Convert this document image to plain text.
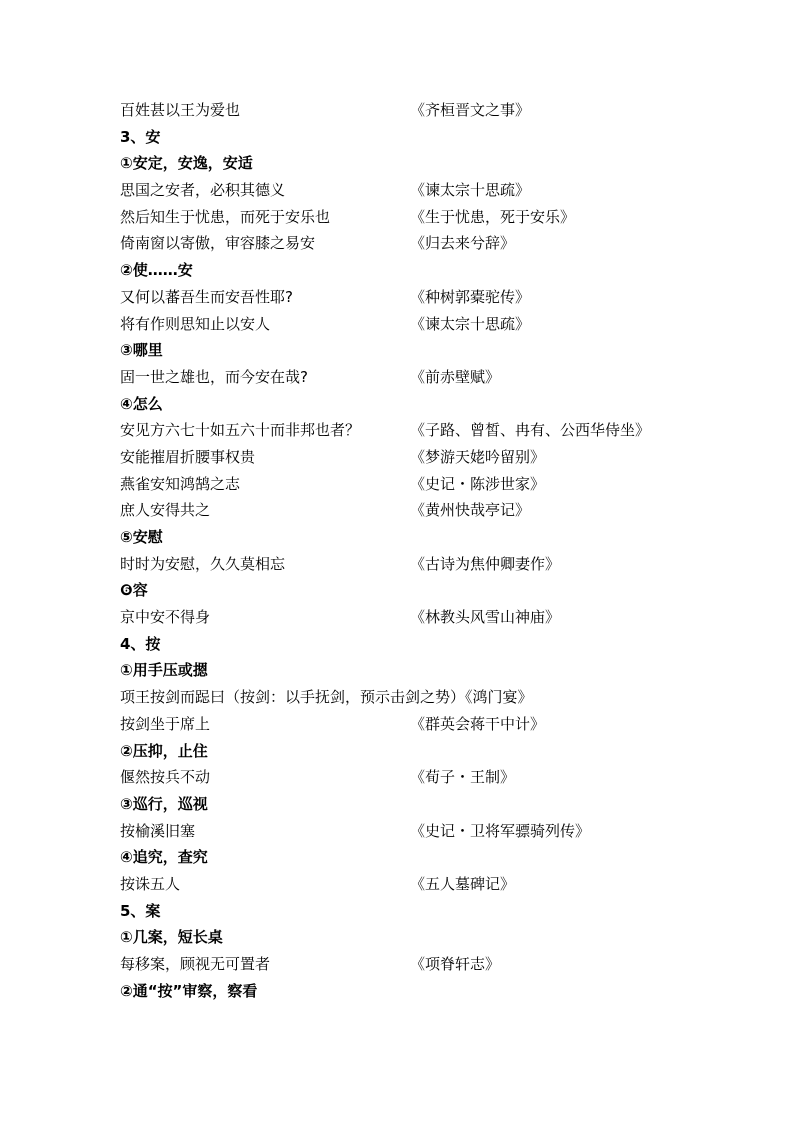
百姓甚以王为爱也	《齐桓晋文之事》
3、安
①安定，安逸，安适
思国之安者，必积其德义	《谏太宗十思疏》
然后知生于忧患，而死于安乐也	《生于忧患，死于安乐》
倚南窗以寄傲，审容膝之易安	《归去来兮辞》
②使……安
又何以蕃吾生而安吾性耶?	《种树郭橐驼传》
将有作则思知止以安人	《谏太宗十思疏》
③哪里
固一世之雄也，而今安在哉?	《前赤壁赋》
④怎么
安见方六七十如五六十而非邦也者？	《子路、曾皙、冉有、公西华侍坐》
安能摧眉折腰事权贵	《梦游天姥吟留别》
燕雀安知鸿鹄之志	《史记・陈涉世家》
庶人安得共之	《黄州快哉亭记》
⑤安慰
时时为安慰，久久莫相忘	《古诗为焦仲卿妻作》
❻容
京中安不得身	《林教头风雪山神庙》
4、按
①用手压或摁
项王按剑而跽曰（按剑：以手抚剑，预示击剑之势）《鸿门宴》
按剑坐于席上	《群英会蒋干中计》
②压抑，止住
偃然按兵不动	《荀子・王制》
③巡行，巡视
按榆溪旧塞	《史记・卫将军骠骑列传》
④追究，查究
按诛五人	《五人墓碑记》
5、案
①几案，短长桌
每移案，顾视无可置者	《项脊轩志》
②通“按”审察，察看
